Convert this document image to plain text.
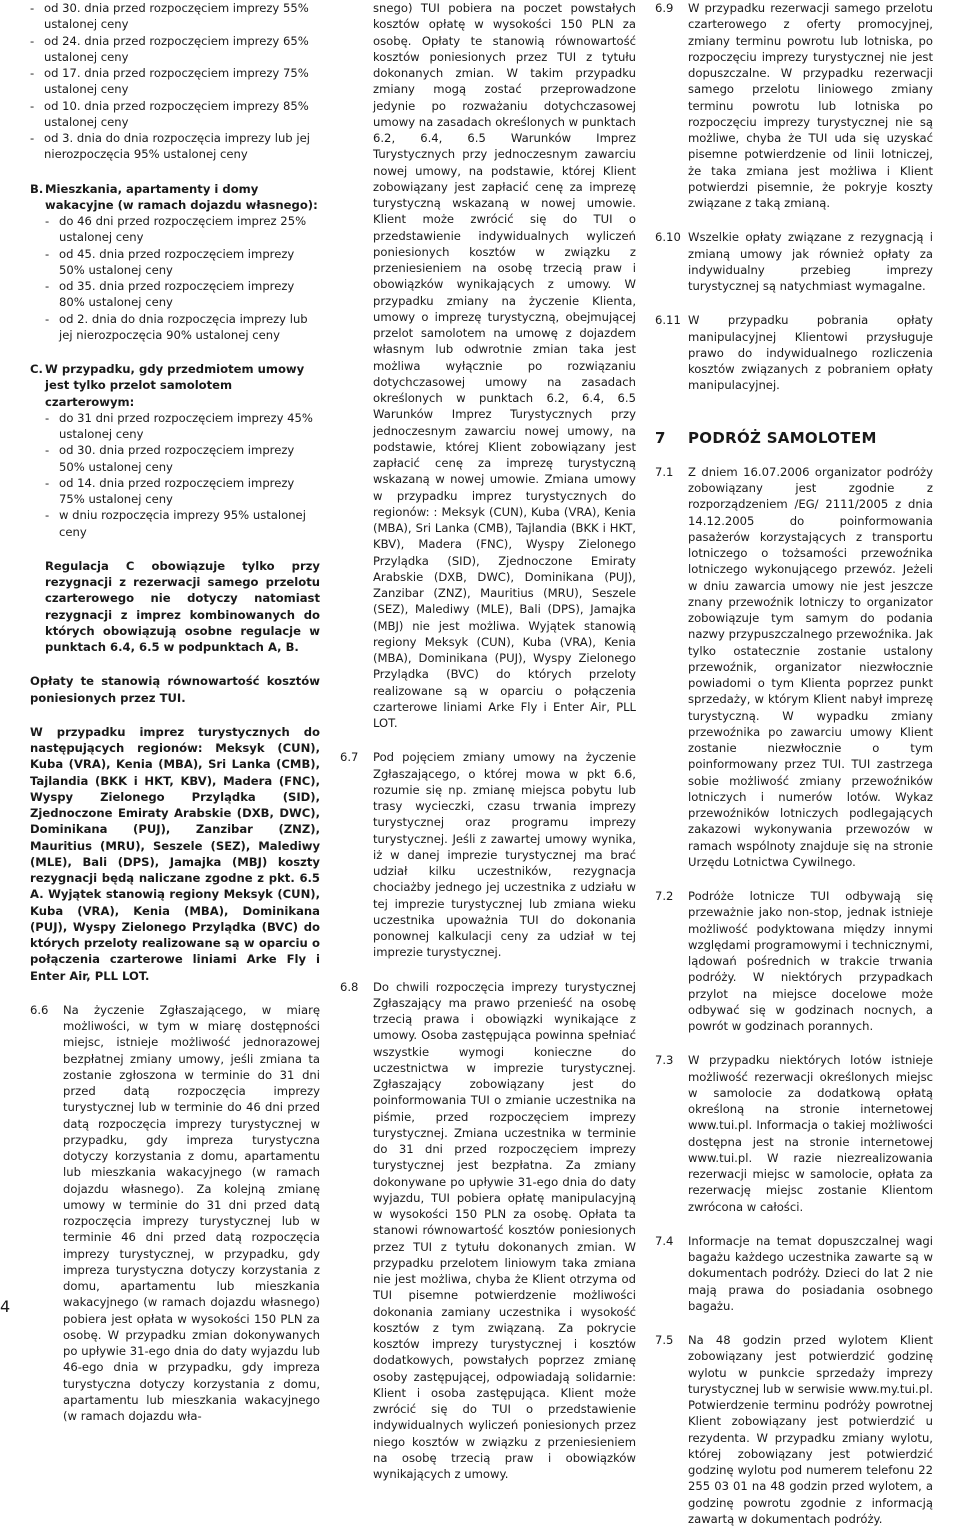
- od 30. dnia przed rozpoczęciem imprezy 55% ustalonej ceny
- od 24. dnia przed rozpoczęciem imprezy 65% ustalonej ceny
- od 17. dnia przed rozpoczęciem imprezy 75% ustalonej ceny
- od 10. dnia przed rozpoczęciem imprezy 85% ustalonej ceny
- od 3. dnia do dnia rozpoczęcia imprezy lub jej nierozpoczęcia 95% ustalonej ceny
B. Mieszkania, apartamenty i domy wakacyjne (w ramach dojazdu własnego):

- do 46 dni przed rozpoczęciem imprez 25% ustalonej ceny
- od 45. dnia przed rozpoczęciem imprezy 50% ustalonej ceny
- od 35. dnia przed rozpoczęciem imprezy 80% ustalonej ceny
- od 2. dnia do dnia rozpoczęcia imprezy lub jej nierozpoczęcia 90% ustalonej ceny
C. W przypadku, gdy przedmiotem umowy jest tylko przelot samolotem czarterowym:

- do 31 dni przed rozpoczęciem imprezy 45% ustalonej ceny
- od 30. dnia przed rozpoczęciem imprezy 50% ustalonej ceny
- od 14. dnia przed rozpoczęciem imprezy 75% ustalonej ceny
- w dniu rozpoczęcia imprezy 95% ustalonej ceny

Regulacja C obowiązuje tylko przy rezygnacji z rezerwacji samego przelotu czarterowego nie dotyczy natomiast rezygnacji z imprez kombinowanych do których obowiązują osobne regulacje w punktach 6.4, 6.5 w podpunktach A, B.

Opłaty te stanowią równowartość kosztów poniesionych przez TUI.

W przypadku imprez turystycznych do następujących regionów: Meksyk (CUN), Kuba (VRA), Kenia (MBA), Sri Lanka (CMB), Tajlandia (BKK i HKT, KBV), Madera (FNC), Wyspy Zielonego Przylądka (SID), Zjednoczone Emiraty Arabskie (DXB, DWC), Dominikana (PUJ), Zanzibar (ZNZ), Mauritius (MRU), Seszele (SEZ), Malediwy (MLE), Bali (DPS), Jamajka (MBJ) koszty rezygnacji będą naliczane zgodne z pkt. 6.5 A. Wyjątek stanowią regiony Meksyk (CUN), Kuba (VRA), Kenia (MBA), Dominikana (PUJ), Wyspy Zielonego Przylądka (BVC) do których przeloty realizowane są w oparciu o połączenia czarterowe liniami Arke Fly i Enter Air, PLL LOT.

6.6	Na życzenie Zgłaszającego, w miarę możliwości, w tym w miarę dostępności miejsc, istnieje możliwość jednorazowej bezpłatnej zmiany umowy, jeśli zmiana ta zostanie zgłoszona w terminie do 31 dni przed datą rozpoczęcia imprezy turystycznej lub w terminie do 46 dni przed datą rozpoczęcia imprezy turystycznej w przypadku, gdy impreza turystyczna dotyczy korzystania z domu, apartamentu lub mieszkania wakacyjnego (w ramach dojazdu własnego). Za kolejną zmianę umowy w terminie do 31 dni przed datą rozpoczęcia imprezy turystycznej lub w terminie 46 dni przed datą rozpoczęcia imprezy turystycznej, w przypadku, gdy impreza turystyczna dotyczy korzystania z domu, apartamentu lub mieszkania wakacyjnego (w ramach dojazdu własnego) pobiera jest opłata w wysokości 150 PLN za osobę. W przypadku zmian dokonywanych po upływie 31-ego dnia do daty wyjazdu lub 46-ego dnia w przypadku, gdy impreza turystyczna dotyczy korzystania z domu, apartamentu lub mieszkania wakacyjnego (w ramach dojazdu wła-

snego) TUI pobiera na poczet powstałych kosztów opłatę w wysokości 150 PLN za osobę. Opłaty te stanowią równowartość kosztów poniesionych przez TUI z tytułu dokonanych zmian. W takim przypadku zmiany mogą zostać przeprowadzone jedynie po rozważaniu dotychczasowej umowy na zasadach określonych w punktach 6.2, 6.4, 6.5 Warunków Imprez Turystycznych przy jednoczesnym zawarciu nowej umowy, na podstawie, której Klient zobowiązany jest zapłacić cenę za imprezę turystyczną wskazaną w nowej umowie. Klient może zwrócić się do TUI o przedstawienie indywidualnych wyliczeń poniesionych kosztów w związku z przeniesieniem na osobę trzecią praw i obowiązków wynikających z umowy. W przypadku zmiany na życzenie Klienta, umowy o imprezę turystyczną, obejmującej przelot samolotem na umowę z dojazdem własnym lub odwrotnie zmian taka jest możliwa wyłącznie po rozwiązaniu dotychczasowej umowy na zasadach określonych w punktach 6.2, 6.4, 6.5 Warunków Imprez Turystycznych przy jednoczesnym zawarciu nowej umowy, na podstawie, której Klient zobowiązany jest zapłacić cenę za imprezę turystyczną wskazaną w nowej umowie. Zmiana umowy w przypadku imprez turystycznych do regionów: : Meksyk (CUN), Kuba (VRA), Kenia (MBA), Sri Lanka (CMB), Tajlandia (BKK i HKT, KBV), Madera (FNC), Wyspy Zielonego Przylądka (SID), Zjednoczone Emiraty Arabskie (DXB, DWC), Dominikana (PUJ), Zanzibar (ZNZ), Mauritius (MRU), Seszele (SEZ), Malediwy (MLE), Bali (DPS), Jamajka (MBJ) nie jest możliwa. Wyjątek stanowią regiony Meksyk (CUN), Kuba (VRA), Kenia (MBA), Dominikana (PUJ), Wyspy Zielonego Przylądka (BVC) do których przeloty realizowane są w oparciu o połączenia czarterowe liniami Arke Fly i Enter Air, PLL LOT.

6.7	Pod pojęciem zmiany umowy na życzenie Zgłaszającego, o której mowa w pkt 6.6, rozumie się np. zmianę miejsca pobytu lub trasy wycieczki, czasu trwania imprezy turystycznej oraz programu imprezy turystycznej. Jeśli z zawartej umowy wynika, iż w danej imprezie turystycznej ma brać udział kilku uczestników, rezygnacja chociażby jednego jej uczestnika z udziału w tej imprezie turystycznej lub zmiana wieku uczestnika upoważnia TUI do dokonania ponownej kalkulacji ceny za udział w tej imprezie turystycznej.

6.8	Do chwili rozpoczęcia imprezy turystycznej Zgłaszający ma prawo przenieść na osobę trzecią prawa i obowiązki wynikające z umowy. Osoba zastępująca powinna spełniać wszystkie wymogi konieczne do uczestnictwa w imprezie turystycznej. Zgłaszający zobowiązany jest do poinformowania TUI o zmianie uczestnika na piśmie, przed rozpoczęciem imprezy turystycznej. Zmiana uczestnika w terminie do 31 dni przed rozpoczęciem imprezy turystycznej jest bezpłatna. Za zmiany dokonywane po upływie 31-ego dnia do daty wyjazdu, TUI pobiera opłatę manipulacyjną w wysokości 150 PLN za osobę. Opłata ta stanowi równowartość kosztów poniesionych przez TUI z tytułu dokonanych zmian. W przypadku przelotem liniowym taka zmiana nie jest możliwa, chyba że Klient otrzyma od TUI pisemne potwierdzenie możliwości dokonania zamiany uczestnika i wysokość kosztów z tym związaną. Za pokrycie kosztów imprezy turystycznej i kosztów dodatkowych, powstałych poprzez zmianę osoby zastępującej, odpowiadają solidarnie: Klient i osoba zastępująca. Klient może zwrócić się do TUI o przedstawienie indywidualnych wyliczeń poniesionych przez niego kosztów w związku z przeniesieniem na osobę trzecią praw i obowiązków wynikających z umowy.

6.9	W przypadku rezerwacji samego przelotu czarterowego z oferty promocyjnej, zmiany terminu powrotu lub lotniska, po rozpoczęciu imprezy turystycznej nie jest dopuszczalne. W przypadku rezerwacji samego przelotu liniowego zmiany terminu powrotu lub lotniska po rozpoczęciu imprezy turystycznej nie są możliwe, chyba że TUI uda się uzyskać pisemne potwierdzenie od linii lotniczej, że taka zmiana jest możliwa i Klient potwierdzi pisemnie, że pokryje koszty związane z taką zmianą.

6.10 Wszelkie opłaty związane z rezygnacją i zmianą umowy jak również opłaty za indywidualny przebieg imprezy turystycznej są natychmiast wymagalne.

6.11 W przypadku pobrania opłaty manipulacyjnej Klientowi przysługuje prawo do indywidualnego rozliczenia kosztów związanych z pobraniem opłaty manipulacyjnej.

7	PODRÓŻ SAMOLOTEM
7.1	Z dniem 16.07.2006 organizator podróży zobowiązany jest zgodnie z rozporządzeniem /EG/ 2111/2005 z dnia 14.12.2005 do poinformowania pasażerów korzystających z transportu lotniczego o tożsamości przewoźnika lotniczego wykonującego przewóz. Jeżeli w dniu zawarcia umowy nie jest jeszcze znany przewoźnik lotniczy to organizator zobowiązuje tym samym do podania nazwy przypuszczalnego przewoźnika. Jak tylko ostatecznie zostanie ustalony przewoźnik, organizator niezwłocznie powiadomi o tym Klienta poprzez punkt sprzedaży, w którym Klient nabył imprezę turystyczną. W wypadku zmiany przewoźnika po zawarciu umowy Klient zostanie niezwłocznie o tym poinformowany przez TUI. TUI zastrzega sobie możliwość zmiany przewoźników lotniczych i numerów lotów. Wykaz przewoźników lotniczych podlegających zakazowi wykonywania przewozów w ramach wspólnoty znajduje się na stronie Urzędu Lotnictwa Cywilnego.

7.2	Podróże lotnicze TUI odbywają się przeważnie jako non-stop, jednak istnieje możliwość podyktowana między innymi względami programowymi i technicznymi, lądowań pośrednich w trakcie trwania podróży. W niektórych przypadkach przylot na miejsce docelowe może odbywać się w godzinach nocnych, a powrót w godzinach porannych.

7.3	W przypadku niektórych lotów istnieje możliwość rezerwacji określonych miejsc w samolocie za dodatkową opłatą określoną na stronie internetowej www.tui.pl. Informacja o takiej możliwości dostępna jest na stronie internetowej www.tui.pl. W razie niezrealizowania rezerwacji miejsc w samolocie, opłata za rezerwację miejsc zostanie Klientom zwrócona w całości.

7.4	Informacje na temat dopuszczalnej wagi bagażu każdego uczestnika zawarte są w dokumentach podróży. Dzieci do lat 2 nie mają prawa do posiadania osobnego bagażu.

7.5	Na 48 godzin przed wylotem Klient zobowiązany jest potwierdzić godzinę wylotu w punkcie sprzedaży imprezy turystycznej lub w serwisie www.my.tui.pl. Potwierdzenie terminu podróży powrotnej Klient zobowiązany jest potwierdzić u rezydenta. W przypadku zmiany wylotu, której zobowiązany jest potwierdzić godzinę wylotu pod numerem telefonu 22 255 03 01 na 48 godzin przed wylotem, a godzinę powrotu zgodnie z informacją zawartą w dokumentach podróży.

4
